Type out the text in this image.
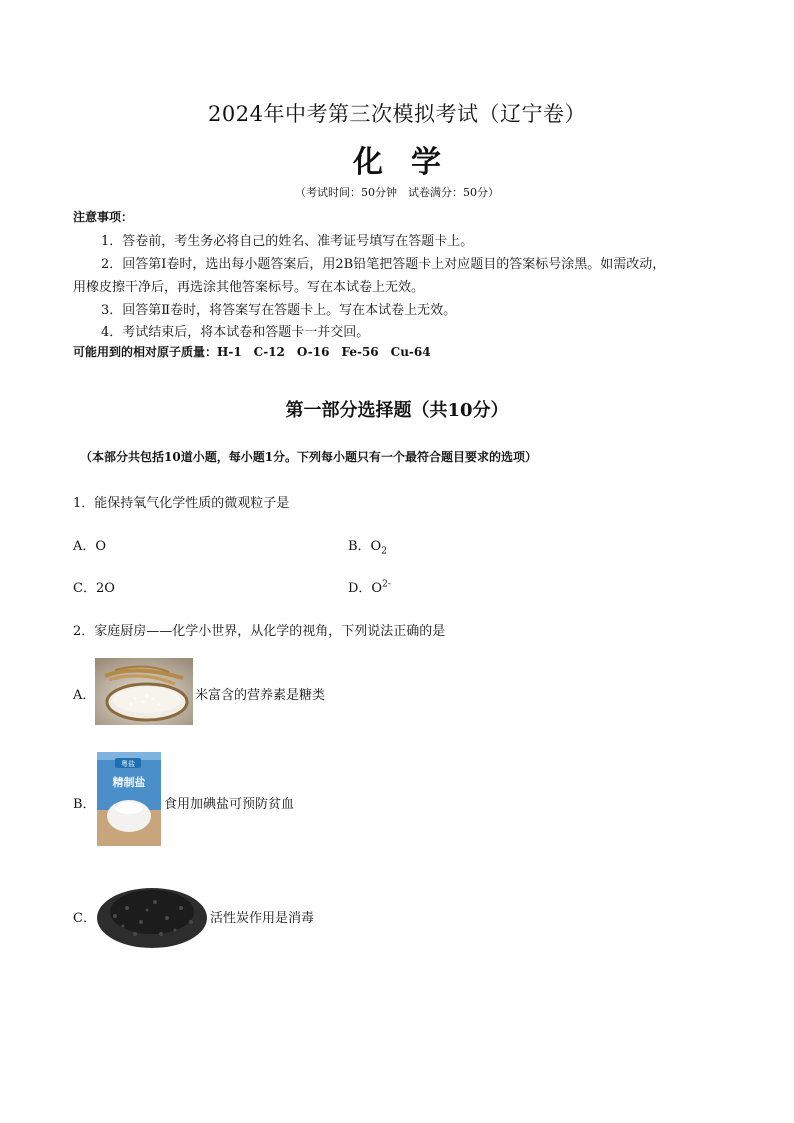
2024年中考第三次模拟考试（辽宁卷）
化学
（考试时间：50分钟　试卷满分：50分）
注意事项：
1．答卷前，考生务必将自己的姓名、准考证号填写在答题卡上。
2．回答第Ⅰ卷时，选出每小题答案后，用2B铅笔把答题卡上对应题目的答案标号涂黑。如需改动，
用橡皮擦干净后，再选涂其他答案标号。写在本试卷上无效。
3．回答第Ⅱ卷时，将答案写在答题卡上。写在本试卷上无效。
4．考试结束后，将本试卷和答题卡一并交回。
可能用到的相对原子质量：H-1　C-12　O-16　Fe-56　Cu-64
第一部分选择题（共10分）
（本部分共包括10道小题，每小题1分。下列每小题只有一个最符合题目要求的选项）
1．能保持氧气化学性质的微观粒子是
A．O	B．$O_2$
C．2O	D．$O^{2-}$
2．家庭厨房——化学小世界，从化学的视角，下列说法正确的是
A．	米富含的营养素是糖类
B．
粤盐
精制盐
食用加碘盐可预防贫血
C．	活性炭作用是消毒
